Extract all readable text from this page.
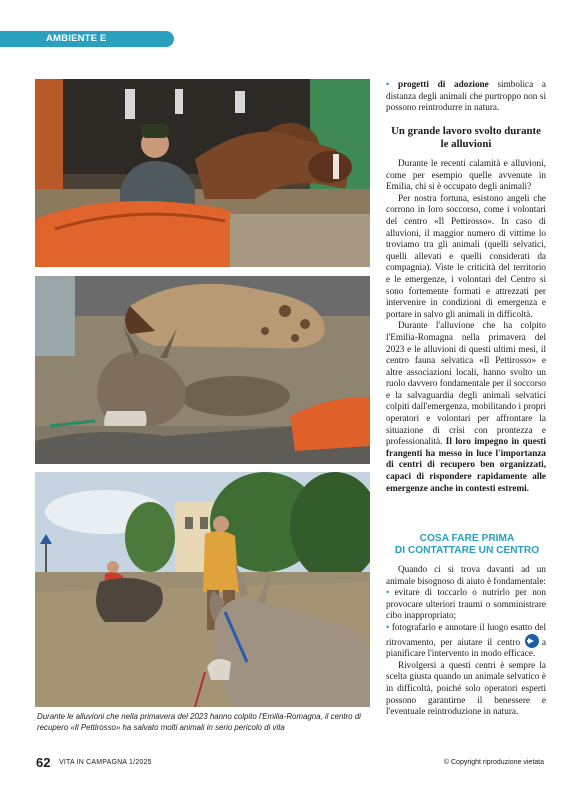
AMBIENTE E BIODIVERSITÀ
Durante le alluvioni che nella primavera del 2023 hanno colpito l'Emilia-Romagna, il centro di recupero «Il Pettirosso» ha salvato molti animali in serio pericolo di vita

• progetti di adozione simbolica a distanza degli animali che purtroppo non si possono reintrodurre in natura.

Un grande lavoro svolto durante le alluvioni

Durante le recenti calamità e alluvioni, come per esempio quelle avvenute in Emilia, chi si è occupato degli animali?

Per nostra fortuna, esistono angeli che corrono in loro soccorso, come i volontari del centro «Il Pettirosso». In caso di alluvioni, il maggior numero di vittime lo troviamo tra gli animali (quelli selvatici, quelli allevati e quelli considerati da compagnia). Viste le criticità del territorio e le emergenze, i volontari del Centro si sono fortemente formati e attrezzati per intervenire in condizioni di emergenza e portare in salvo gli animali in difficoltà.

Durante l'alluvione che ha colpito l'Emilia-Romagna nella primavera del 2023 e le alluvioni di questi ultimi mesi, il centro fauna selvatica «Il Pettirosso» e altre associazioni locali, hanno svolto un ruolo davvero fondamentale per il soccorso e la salvaguardia degli animali selvatici colpiti dall'emergenza, mobilitando i propri operatori e volontari per affrontare la situazione di crisi con prontezza e professionalità. Il loro impegno in questi frangenti ha messo in luce l'importanza di centri di recupero ben organizzati, capaci di rispondere rapidamente alle emergenze anche in contesti estremi.

COSA FARE PRIMA
DI CONTATTARE UN CENTRO

Quando ci si trova davanti ad un animale bisognoso di aiuto è fondamentale:

• evitare di toccarlo o nutrirlo per non provocare ulteriori traumi o somministrare cibo inappropriato;

• fotografarlo e annotare il luogo esatto del ritrovamento, per aiutare il centro a pianificare l'intervento in modo efficace.

Rivolgersi a questi centri è sempre la scelta giusta quando un animale selvatico è in difficoltà, poiché solo operatori esperti possono garantirne il benessere e l'eventuale reintroduzione in natura.

62 VITA IN CAMPAGNA 1/2025	© Copyright riproduzione vietata
